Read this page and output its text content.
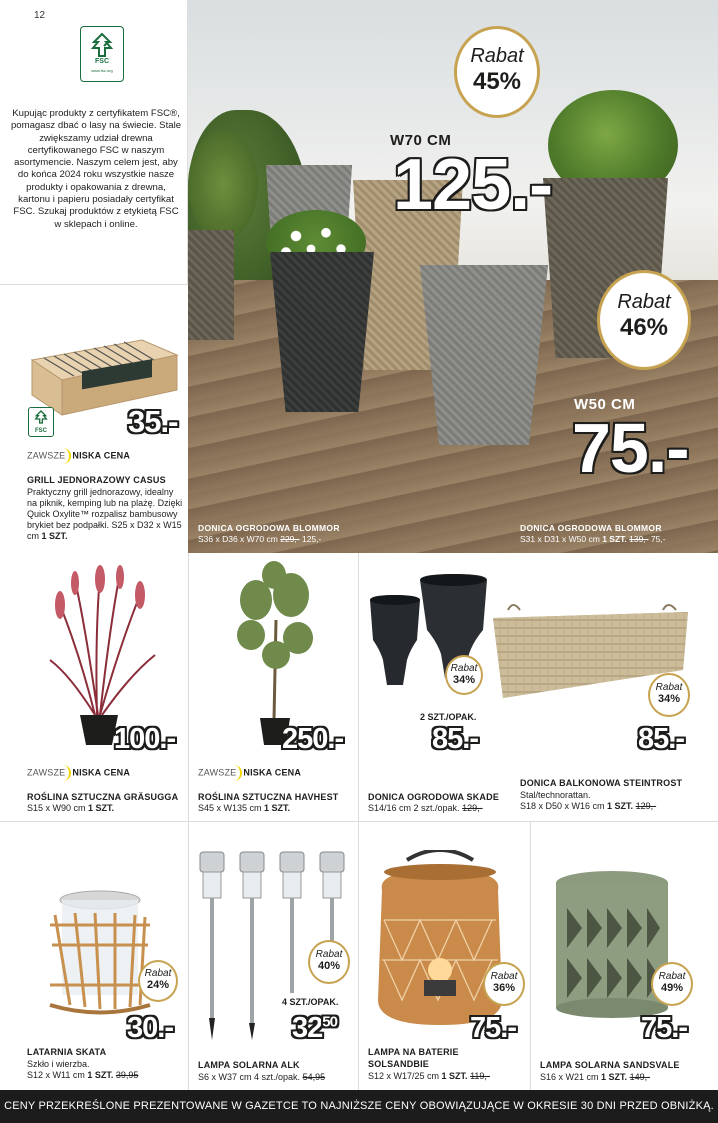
12
FSC
www.fsc.org
Kupując produkty z certyfikatem FSC®, pomagasz dbać o lasy na świecie. Stale zwiększamy udział drewna certyfikowanego FSC w naszym asortymencie. Naszym celem jest, aby do końca 2024 roku wszystkie nasze produkty i opakowania z drewna, kartonu i papieru posiadały certyfikat FSC. Szukaj produktów z etykietą FSC w sklepach i online.
FSC	35.-
ZAWSZE NISKA CENA
GRILL JEDNORAZOWY CASUS
Praktyczny grill jednorazowy, idealny na piknik, kemping lub na plażę. Dzięki Quick Oxylite™ rozpalisz bambusowy brykiet bez podpałki. S25 x D32 x W15 cm 1 SZT.
Rabat
45%
W70 CM
125.-
Rabat
46%
W50 CM
75.-
DONICA OGRODOWA BLOMMOR
S36 x D36 x W70 cm 229,- 125,-
DONICA OGRODOWA BLOMMOR
S31 x D31 x W50 cm 1 SZT. 139,- 75,-
100.-
ZAWSZE NISKA CENA
ROŚLINA SZTUCZNA GRÄSUGGA
S15 x W90 cm 1 SZT.
250.-
ZAWSZE NISKA CENA
ROŚLINA SZTUCZNA HAVHEST
S45 x W135 cm 1 SZT.
Rabat
34%
2 SZT./OPAK.
85.-
DONICA OGRODOWA SKADE
S14/16 cm 2 szt./opak. 129,-
Rabat
34%
85.-
DONICA BALKONOWA STEINTROST
Stal/technorattan.
S18 x D50 x W16 cm 1 SZT. 129,-
Rabat
24%
30.-
LATARNIA SKATA
Szkło i wierzba.
S12 x W11 cm 1 SZT. 39,95
Rabat
40%
4 SZT./OPAK.
$32^{50}$
LAMPA SOLARNA ALK
S6 x W37 cm 4 szt./opak. 54,95
Rabat
36%
75.-
LAMPA NA BATERIE
SOLSANDBIE
S12 x W17/25 cm 1 SZT. 119,-
Rabat
49%
75.-
LAMPA SOLARNA SANDSVALE
S16 x W21 cm 1 SZT. 149,-
CENY PRZEKREŚLONE PREZENTOWANE W GAZETCE TO NAJNIŻSZE CENY OBOWIĄZUJĄCE W OKRESIE 30 DNI PRZED OBNIŻKĄ.
